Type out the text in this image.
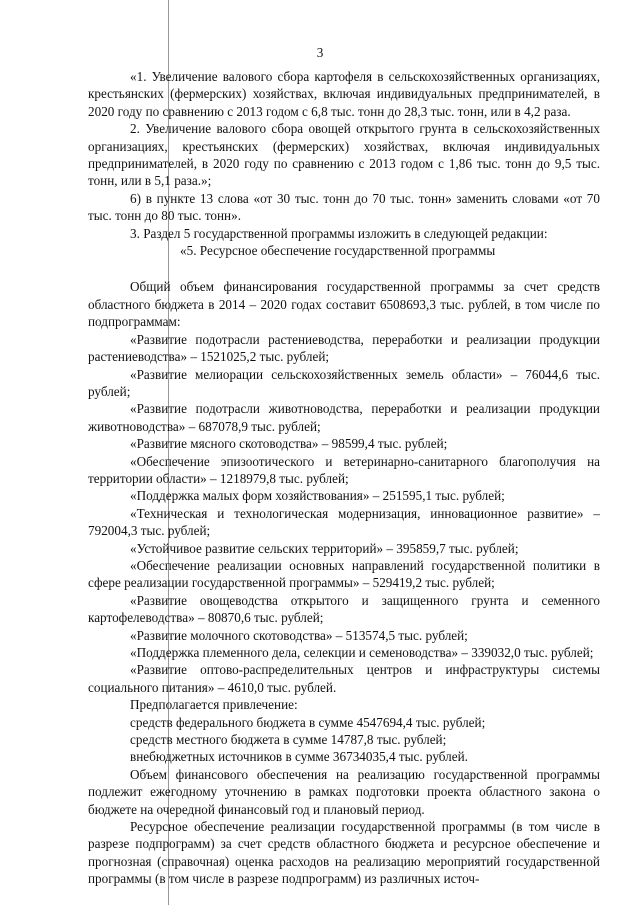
3

«1. Увеличение валового сбора картофеля в сельскохозяйственных организациях, крестьянских (фермерских) хозяйствах, включая индивидуальных предпринимателей, в 2020 году по сравнению с 2013 годом с 6,8 тыс. тонн до 28,3 тыс. тонн, или в 4,2 раза.

2. Увеличение валового сбора овощей открытого грунта в сельскохозяйственных организациях, крестьянских (фермерских) хозяйствах, включая индивидуальных предпринимателей, в 2020 году по сравнению с 2013 годом с 1,86 тыс. тонн до 9,5 тыс. тонн, или в 5,1 раза.»;

6) в пункте 13 слова «от 30 тыс. тонн до 70 тыс. тонн» заменить словами «от 70 тыс. тонн до 80 тыс. тонн».

3. Раздел 5 государственной программы изложить в следующей редакции:

«5. Ресурсное обеспечение государственной программы

Общий объем финансирования государственной программы за счет средств областного бюджета в 2014 – 2020 годах составит 6508693,3 тыс. рублей, в том числе по подпрограммам:

«Развитие подотрасли растениеводства, переработки и реализации продукции растениеводства» – 1521025,2 тыс. рублей;

«Развитие мелиорации сельскохозяйственных земель области» – 76044,6 тыс. рублей;

«Развитие подотрасли животноводства, переработки и реализации продукции животноводства» – 687078,9 тыс. рублей;

«Развитие мясного скотоводства» – 98599,4 тыс. рублей;

«Обеспечение эпизоотического и ветеринарно-санитарного благополучия на территории области» – 1218979,8 тыс. рублей;

«Поддержка малых форм хозяйствования» – 251595,1 тыс. рублей;

«Техническая и технологическая модернизация, инновационное развитие» – 792004,3 тыс. рублей;

«Устойчивое развитие сельских территорий» – 395859,7 тыс. рублей;

«Обеспечение реализации основных направлений государственной политики в сфере реализации государственной программы» – 529419,2 тыс. рублей;

«Развитие овощеводства открытого и защищенного грунта и семенного картофелеводства» – 80870,6 тыс. рублей;

«Развитие молочного скотоводства» – 513574,5 тыс. рублей;

«Поддержка племенного дела, селекции и семеноводства» – 339032,0 тыс. рублей;

«Развитие оптово-распределительных центров и инфраструктуры системы социального питания» – 4610,0 тыс. рублей.

Предполагается привлечение:

средств федерального бюджета в сумме 4547694,4 тыс. рублей;

средств местного бюджета в сумме 14787,8 тыс. рублей;

внебюджетных источников в сумме 36734035,4 тыс. рублей.

Объем финансового обеспечения на реализацию государственной программы подлежит ежегодному уточнению в рамках подготовки проекта областного закона о бюджете на очередной финансовый год и плановый период.

Ресурсное обеспечение реализации государственной программы (в том числе в разрезе подпрограмм) за счет средств областного бюджета и ресурсное обеспечение и прогнозная (справочная) оценка расходов на реализацию мероприятий государственной программы (в том числе в разрезе подпрограмм) из различных источ-
